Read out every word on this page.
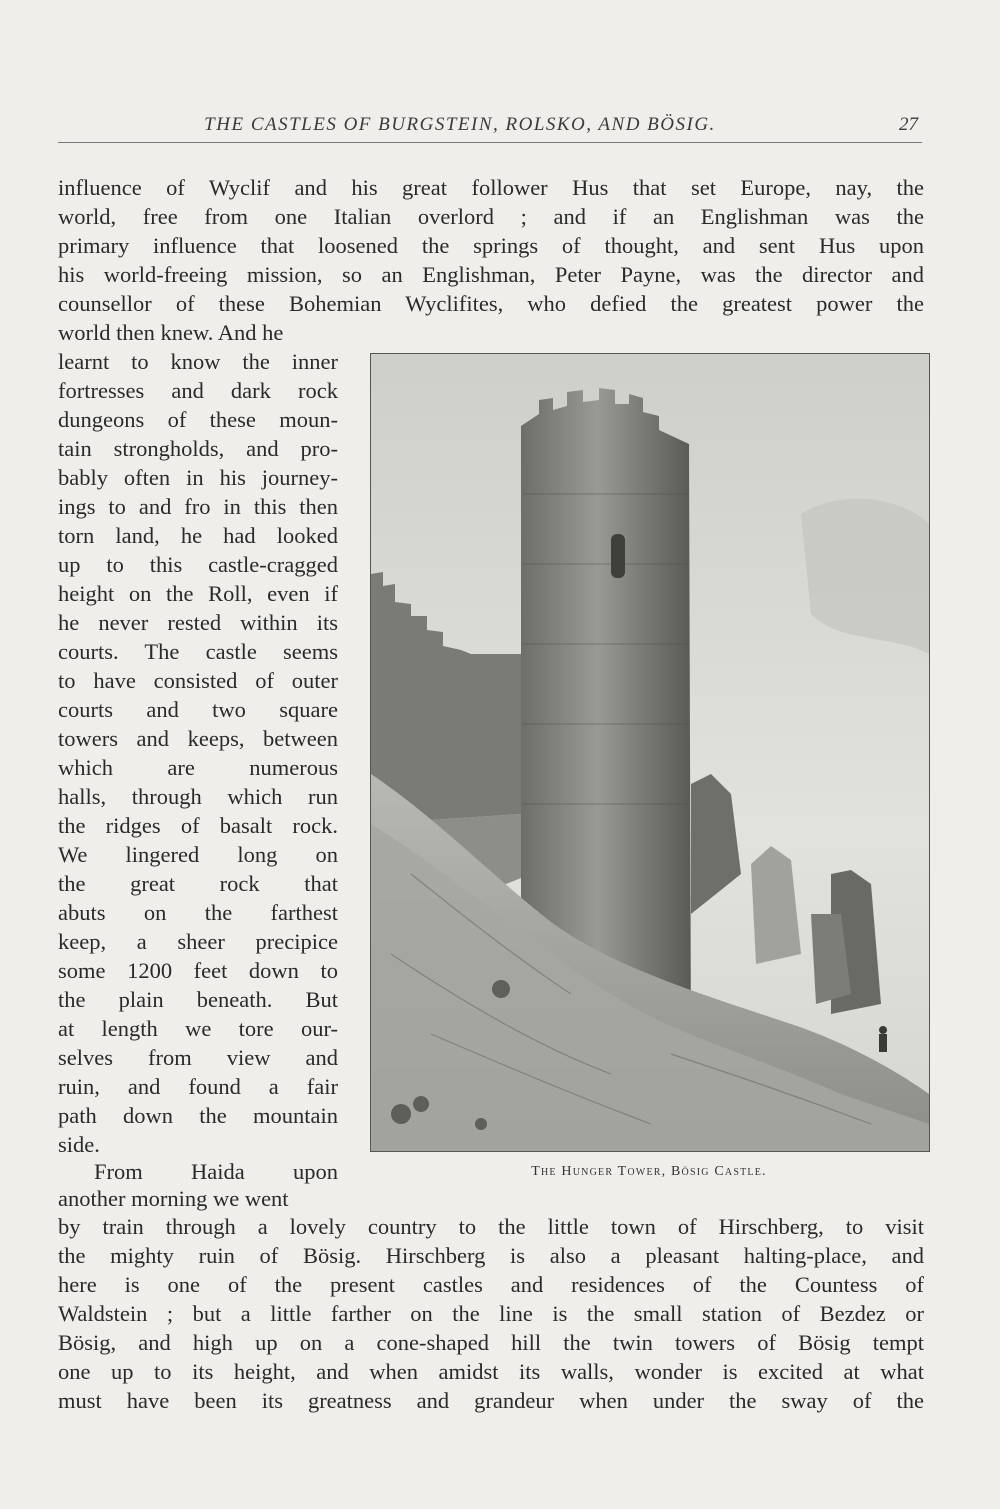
THE CASTLES OF BURGSTEIN, ROLSKO, AND BÖSIG.	27
influence of Wyclif and his great follower Hus that set Europe, nay, the
world, free from one Italian overlord ; and if an Englishman was the
primary influence that loosened the springs of thought, and sent Hus upon
his world-freeing mission, so an Englishman, Peter Payne, was the director and
counsellor of these Bohemian Wyclifites, who defied the greatest power the
world then knew. And he
learnt to know the inner
fortresses and dark rock
dungeons of these moun-
tain strongholds, and pro-
bably often in his journey-
ings to and fro in this then
torn land, he had looked
up to this castle-cragged
height on the Roll, even if
he never rested within its
courts. The castle seems
to have consisted of outer
courts and two square
towers and keeps, between
which are numerous
halls, through which run
the ridges of basalt rock.
We lingered long on
the great rock that
abuts on the farthest
keep, a sheer precipice
some 1200 feet down to
the plain beneath. But
at length we tore our-
selves from view and
ruin, and found a fair
path down the mountain
side.
From Haida upon
another morning we went
The Hunger Tower, Bösig Castle.
by train through a lovely country to the little town of Hirschberg, to visit
the mighty ruin of Bösig. Hirschberg is also a pleasant halting-place, and
here is one of the present castles and residences of the Countess of
Waldstein ; but a little farther on the line is the small station of Bezdez or
Bösig, and high up on a cone-shaped hill the twin towers of Bösig tempt
one up to its height, and when amidst its walls, wonder is excited at what
must have been its greatness and grandeur when under the sway of the
